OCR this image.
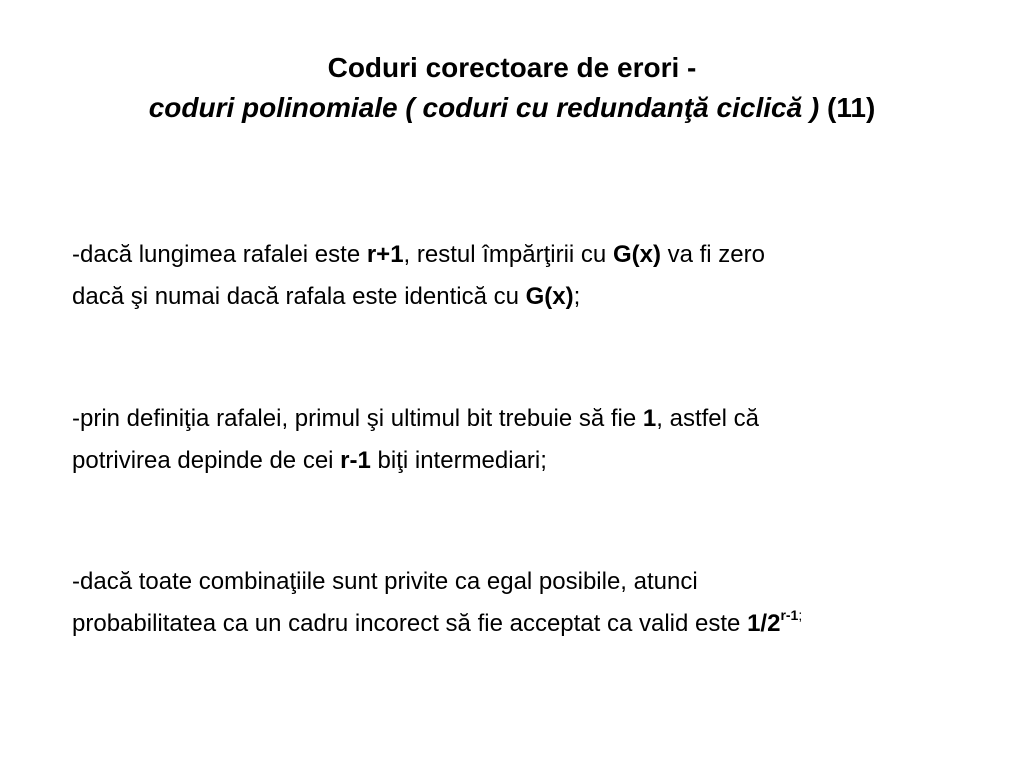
Coduri corectoare de erori -
coduri polinomiale ( coduri cu redundanţă ciclică ) (11)
-dacă lungimea rafalei este r+1, restul împărţirii cu G(x) va fi zero
dacă şi numai dacă rafala este identică cu G(x);
-prin definiţia rafalei, primul şi ultimul bit trebuie să fie 1, astfel că
potrivirea depinde de cei r-1 biţi intermediari;
-dacă toate combinaţiile sunt privite ca egal posibile, atunci
probabilitatea ca un cadru incorect să fie acceptat ca valid este $1/2^{r-1;}$
